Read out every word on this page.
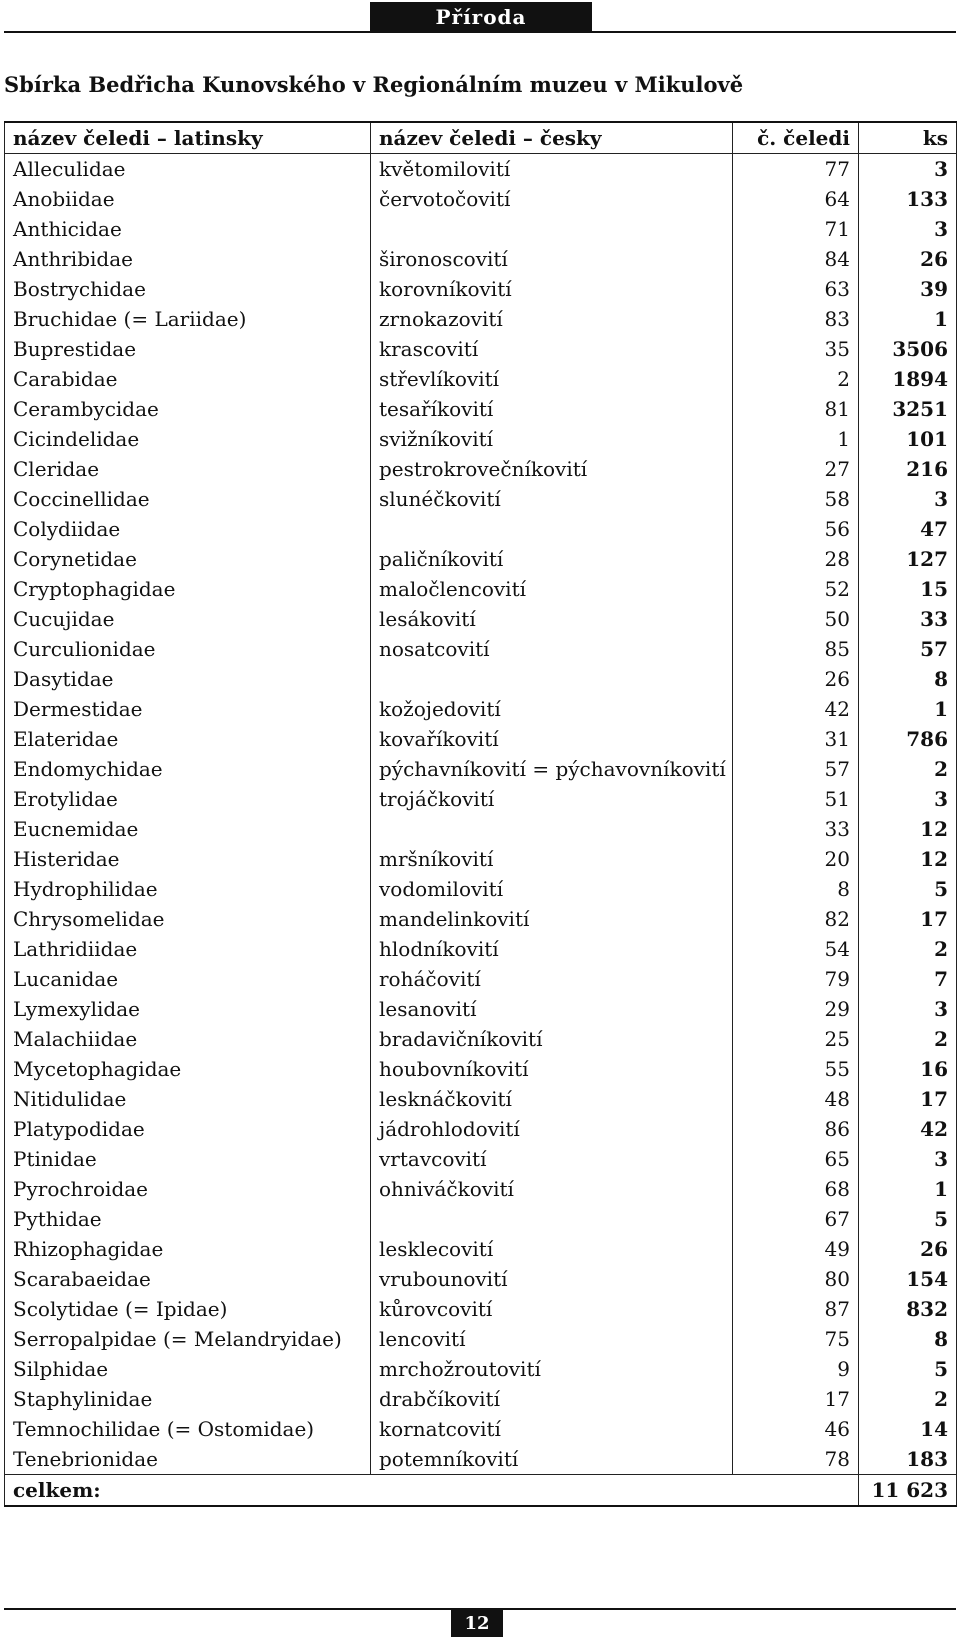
Příroda
Sbírka Bedřicha Kunovského v Regionálním muzeu v Mikulově
název čeledi – latinsky	název čeledi – česky	č. čeledi	ks
Alleculidae	květomilovití	77	3
Anobiidae	červotočovití	64	133
Anthicidae		71	3
Anthribidae	šironoscovití	84	26
Bostrychidae	korovníkovití	63	39
Bruchidae (= Lariidae)	zrnokazovití	83	1
Buprestidae	krascovití	35	3506
Carabidae	střevlíkovití	2	1894
Cerambycidae	tesaříkovití	81	3251
Cicindelidae	svižníkovití	1	101
Cleridae	pestrokrovečníkovití	27	216
Coccinellidae	slunéčkovití	58	3
Colydiidae		56	47
Corynetidae	paličníkovití	28	127
Cryptophagidae	maločlencovití	52	15
Cucujidae	lesákovití	50	33
Curculionidae	nosatcovití	85	57
Dasytidae		26	8
Dermestidae	kožojedovití	42	1
Elateridae	kovaříkovití	31	786
Endomychidae	pýchavníkovití = pýchavovníkovití	57	2
Erotylidae	trojáčkovití	51	3
Eucnemidae		33	12
Histeridae	mršníkovití	20	12
Hydrophilidae	vodomilovití	8	5
Chrysomelidae	mandelinkovití	82	17
Lathridiidae	hlodníkovití	54	2
Lucanidae	roháčovití	79	7
Lymexylidae	lesanovití	29	3
Malachiidae	bradavičníkovití	25	2
Mycetophagidae	houbovníkovití	55	16
Nitidulidae	lesknáčkovití	48	17
Platypodidae	jádrohlodovití	86	42
Ptinidae	vrtavcovití	65	3
Pyrochroidae	ohniváčkovití	68	1
Pythidae		67	5
Rhizophagidae	lesklecovití	49	26
Scarabaeidae	vrubounovití	80	154
Scolytidae (= Ipidae)	kůrovcovití	87	832
Serropalpidae (= Melandryidae)	lencovití	75	8
Silphidae	mrchožroutovití	9	5
Staphylinidae	drabčíkovití	17	2
Temnochilidae (= Ostomidae)	kornatcovití	46	14
Tenebrionidae	potemníkovití	78	183
celkem:			11 623
12
